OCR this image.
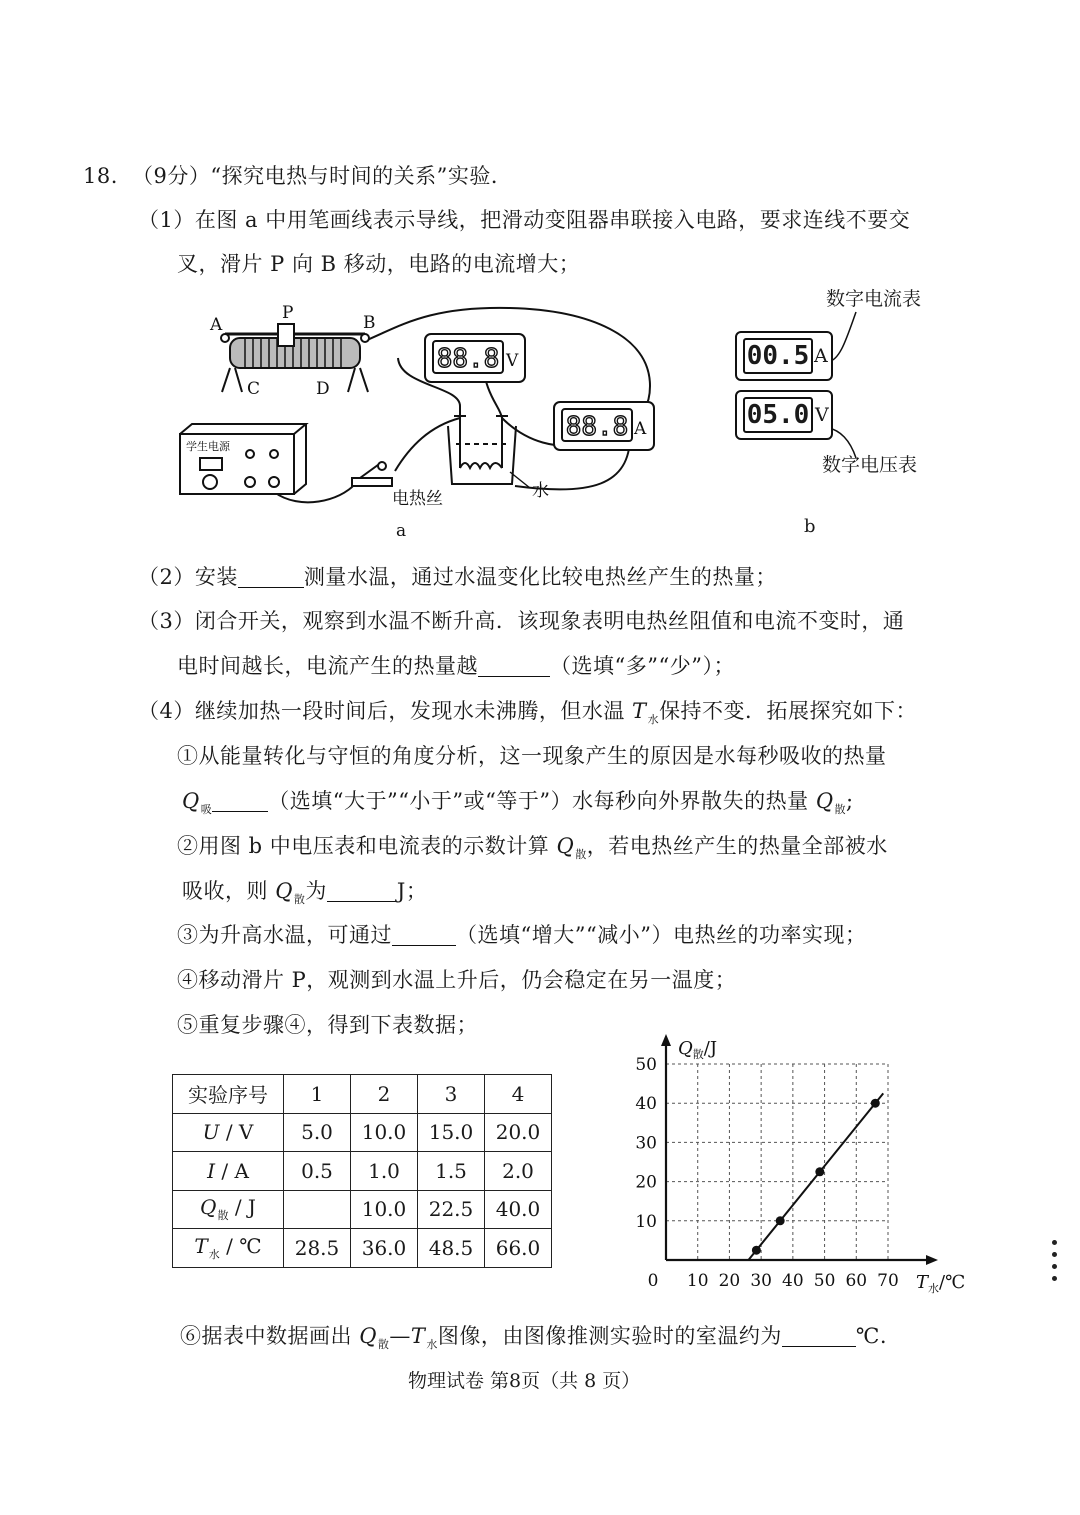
18. （9分）“探究电热与时间的关系”实验．
（1）在图 a 中用笔画线表示导线，把滑动变阻器串联接入电路，要求连线不要交
叉，滑片 P 向 B 移动，电路的电流增大；
A
P	B
C	D
88.8 V
88.8 A
电热丝	水
学生电源
a
数字电流表
00.5 A
05.0 V
数字电压表
b
（2）安装	测量水温，通过水温变化比较电热丝产生的热量；
（3）闭合开关，观察到水温不断升高．该现象表明电热丝阻值和电流不变时，通
电时间越长，电流产生的热量越	（选填“多”“少”）；
（4）继续加热一段时间后，发现水未沸腾，但水温 $T_水$保持不变．拓展探究如下：
①从能量转化与守恒的角度分析，这一现象产生的原因是水每秒吸收的热量
$Q_吸$	（选填“大于”“小于”或“等于”）水每秒向外界散失的热量 $Q_散$;
②用图 b 中电压表和电流表的示数计算 $Q_散$，若电热丝产生的热量全部被水
吸收，则 $Q_散$为	J；
③为升高水温，可通过	（选填“增大”“减小”）电热丝的功率实现；
④移动滑片 P，观测到水温上升后，仍会稳定在另一温度；
⑤重复步骤④，得到下表数据；
实验序号	1	2	3	4
U / V	5.0	10.0	15.0	20.0
I / A	0.5	1.0	1.5	2.0
$Q_散$ / J		10.0	22.5	40.0
$T_水$ / ℃	28.5	36.0	48.5	66.0
0 10 20 30 40 50 60 70
10
20
30
40
50
$Q_散/J$
$T_水/℃$
⑥据表中数据画出 $Q_散—T_水$图像，由图像推测实验时的室温约为	℃.
物理试卷 第8页（共 8 页）
